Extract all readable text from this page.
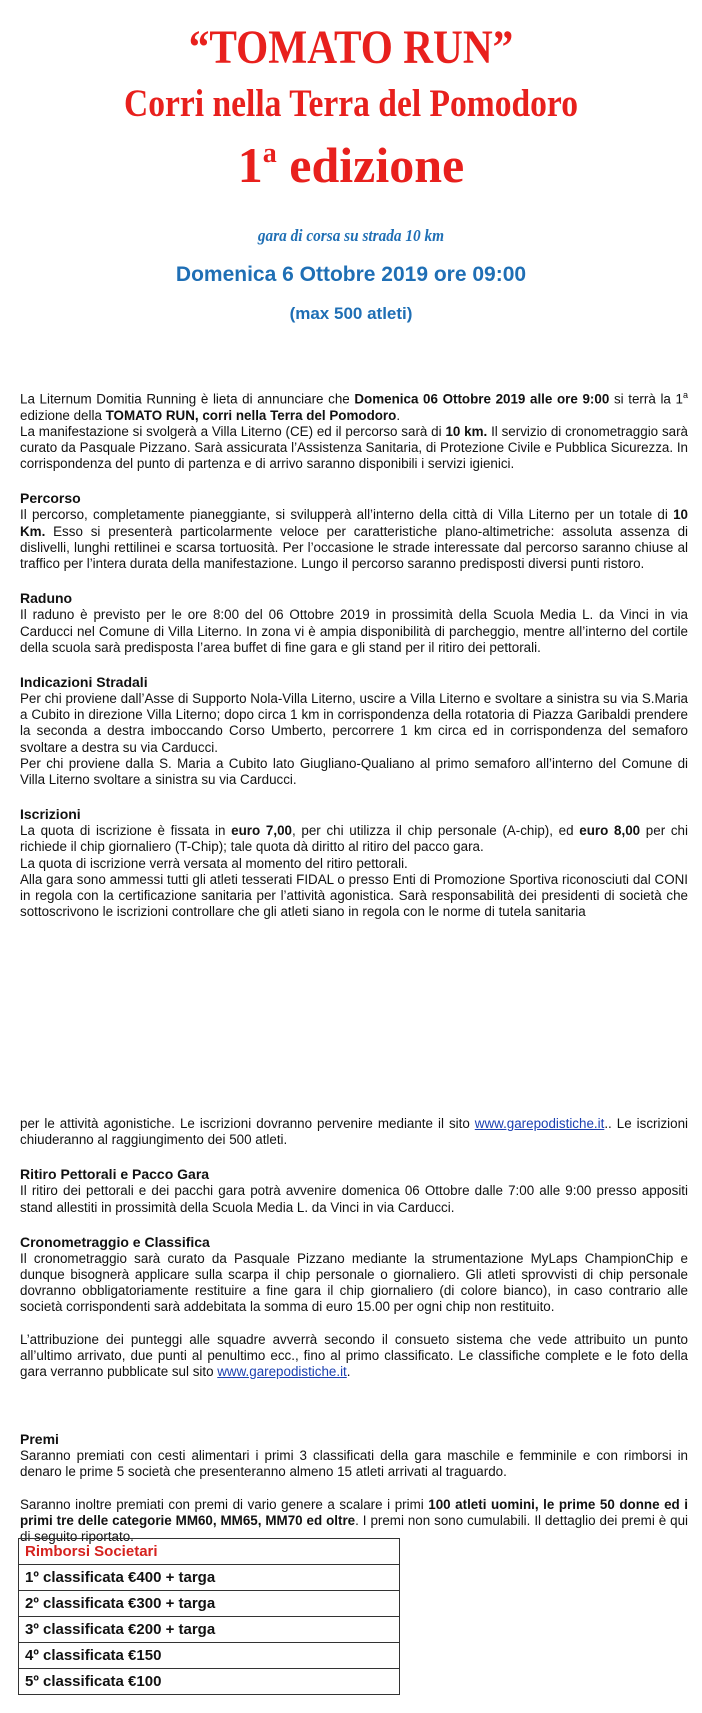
“TOMATO RUN”
Corri nella Terra del Pomodoro
1$^a$ edizione
gara di corsa su strada 10 km
Domenica 6 Ottobre 2019 ore 09:00
(max 500 atleti)

La Liternum Domitia Running è lieta di annunciare che Domenica 06 Ottobre 2019 alle ore 9:00 si terrà la 1$^a$ edizione della TOMATO RUN, corri nella Terra del Pomodoro.

La manifestazione si svolgerà a Villa Literno (CE) ed il percorso sarà di 10 km. Il servizio di cronometraggio sarà curato da Pasquale Pizzano. Sarà assicurata l’Assistenza Sanitaria, di Protezione Civile e Pubblica Sicurezza. In corrispondenza del punto di partenza e di arrivo saranno disponibili i servizi igienici.

Percorso

Il percorso, completamente pianeggiante, si svilupperà all’interno della città di Villa Literno per un totale di 10 Km. Esso si presenterà particolarmente veloce per caratteristiche plano-altimetriche: assoluta assenza di dislivelli, lunghi rettilinei e scarsa tortuosità. Per l’occasione le strade interessate dal percorso saranno chiuse al traffico per l’intera durata della manifestazione. Lungo il percorso saranno predisposti diversi punti ristoro.

Raduno

Il raduno è previsto per le ore 8:00 del 06 Ottobre 2019 in prossimità della Scuola Media L. da Vinci in via Carducci nel Comune di Villa Literno. In zona vi è ampia disponibilità di parcheggio, mentre all’interno del cortile della scuola sarà predisposta l’area buffet di fine gara e gli stand per il ritiro dei pettorali.

Indicazioni Stradali

Per chi proviene dall’Asse di Supporto Nola-Villa Literno, uscire a Villa Literno e svoltare a sinistra su via S.Maria a Cubito in direzione Villa Literno; dopo circa 1 km in corrispondenza della rotatoria di Piazza Garibaldi prendere la seconda a destra imboccando Corso Umberto, percorrere 1 km circa ed in corrispondenza del semaforo svoltare a destra su via Carducci.

Per chi proviene dalla S. Maria a Cubito lato Giugliano-Qualiano al primo semaforo all’interno del Comune di Villa Literno svoltare a sinistra su via Carducci.

Iscrizioni

La quota di iscrizione è fissata in euro 7,00, per chi utilizza il chip personale (A-chip), ed euro 8,00 per chi richiede il chip giornaliero (T-Chip); tale quota dà diritto al ritiro del pacco gara.

La quota di iscrizione verrà versata al momento del ritiro pettorali.

Alla gara sono ammessi tutti gli atleti tesserati FIDAL o presso Enti di Promozione Sportiva riconosciuti dal CONI in regola con la certificazione sanitaria per l’attività agonistica. Sarà responsabilità dei presidenti di società che sottoscrivono le iscrizioni controllare che gli atleti siano in regola con le norme di tutela sanitaria

per le attività agonistiche. Le iscrizioni dovranno pervenire mediante il sito www.garepodistiche.it.. Le iscrizioni chiuderanno al raggiungimento dei 500 atleti.

Ritiro Pettorali e Pacco Gara

Il ritiro dei pettorali e dei pacchi gara potrà avvenire domenica 06 Ottobre dalle 7:00 alle 9:00 presso appositi stand allestiti in prossimità della Scuola Media L. da Vinci in via Carducci.

Cronometraggio e Classifica

Il cronometraggio sarà curato da Pasquale Pizzano mediante la strumentazione MyLaps ChampionChip e dunque bisognerà applicare sulla scarpa il chip personale o giornaliero. Gli atleti sprovvisti di chip personale dovranno obbligatoriamente restituire a fine gara il chip giornaliero (di colore bianco), in caso contrario alle società corrispondenti sarà addebitata la somma di euro 15.00 per ogni chip non restituito.

L’attribuzione dei punteggi alle squadre avverrà secondo il consueto sistema che vede attribuito un punto all’ultimo arrivato, due punti al penultimo ecc., fino al primo classificato. Le classifiche complete e le foto della gara verranno pubblicate sul sito www.garepodistiche.it.

Premi

Saranno premiati con cesti alimentari i primi 3 classificati della gara maschile e femminile e con rimborsi in denaro le prime 5 società che presenteranno almeno 15 atleti arrivati al traguardo.

Saranno inoltre premiati con premi di vario genere a scalare i primi 100 atleti uomini, le prime 50 donne ed i primi tre delle categorie MM60, MM65, MM70 ed oltre. I premi non sono cumulabili. Il dettaglio dei premi è qui di seguito riportato.

Rimborsi Societari
1º classificata €400 + targa
2º classificata €300 + targa
3º classificata €200 + targa
4º classificata €150
5º classificata €100
